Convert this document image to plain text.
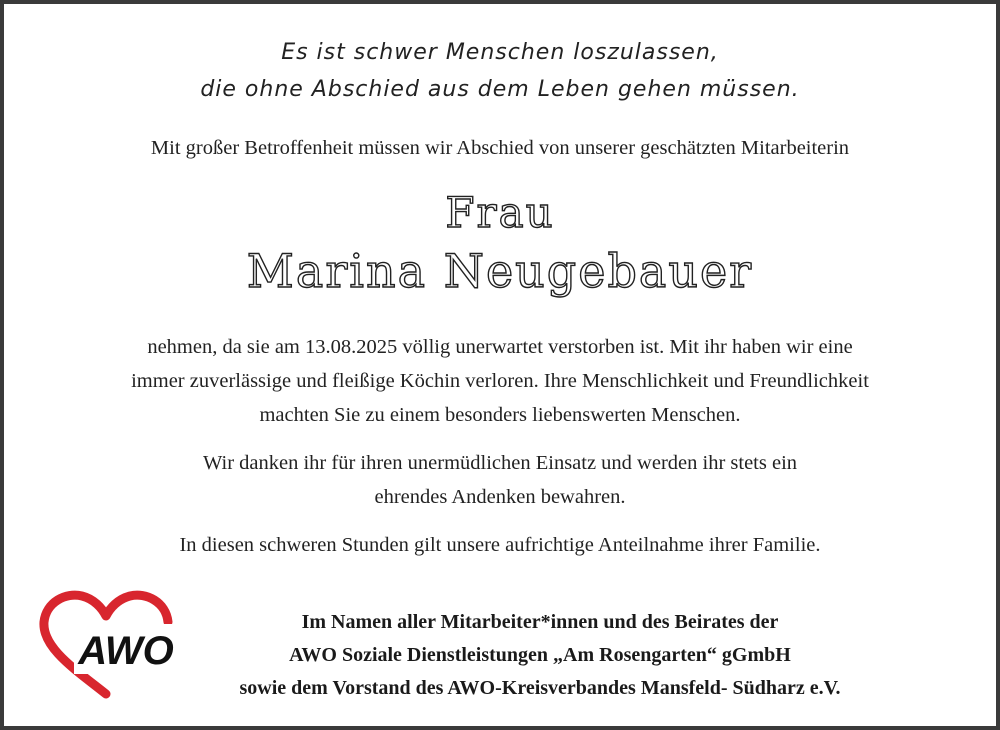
Es ist schwer Menschen loszulassen,
die ohne Abschied aus dem Leben gehen müssen.
Mit großer Betroffenheit müssen wir Abschied von unserer geschätzten Mitarbeiterin
Frau
Marina Neugebauer
nehmen, da sie am 13.08.2025 völlig unerwartet verstorben ist. Mit ihr haben wir eine
immer zuverlässige und fleißige Köchin verloren. Ihre Menschlichkeit und Freundlichkeit
machten Sie zu einem besonders liebenswerten Menschen.
Wir danken ihr für ihren unermüdlichen Einsatz und werden ihr stets ein
ehrendes Andenken bewahren.
In diesen schweren Stunden gilt unsere aufrichtige Anteilnahme ihrer Familie.
AWO
Im Namen aller Mitarbeiter*innen und des Beirates der
AWO Soziale Dienstleistungen „Am Rosengarten“ gGmbH
sowie dem Vorstand des AWO-Kreisverbandes Mansfeld- Südharz e.V.
